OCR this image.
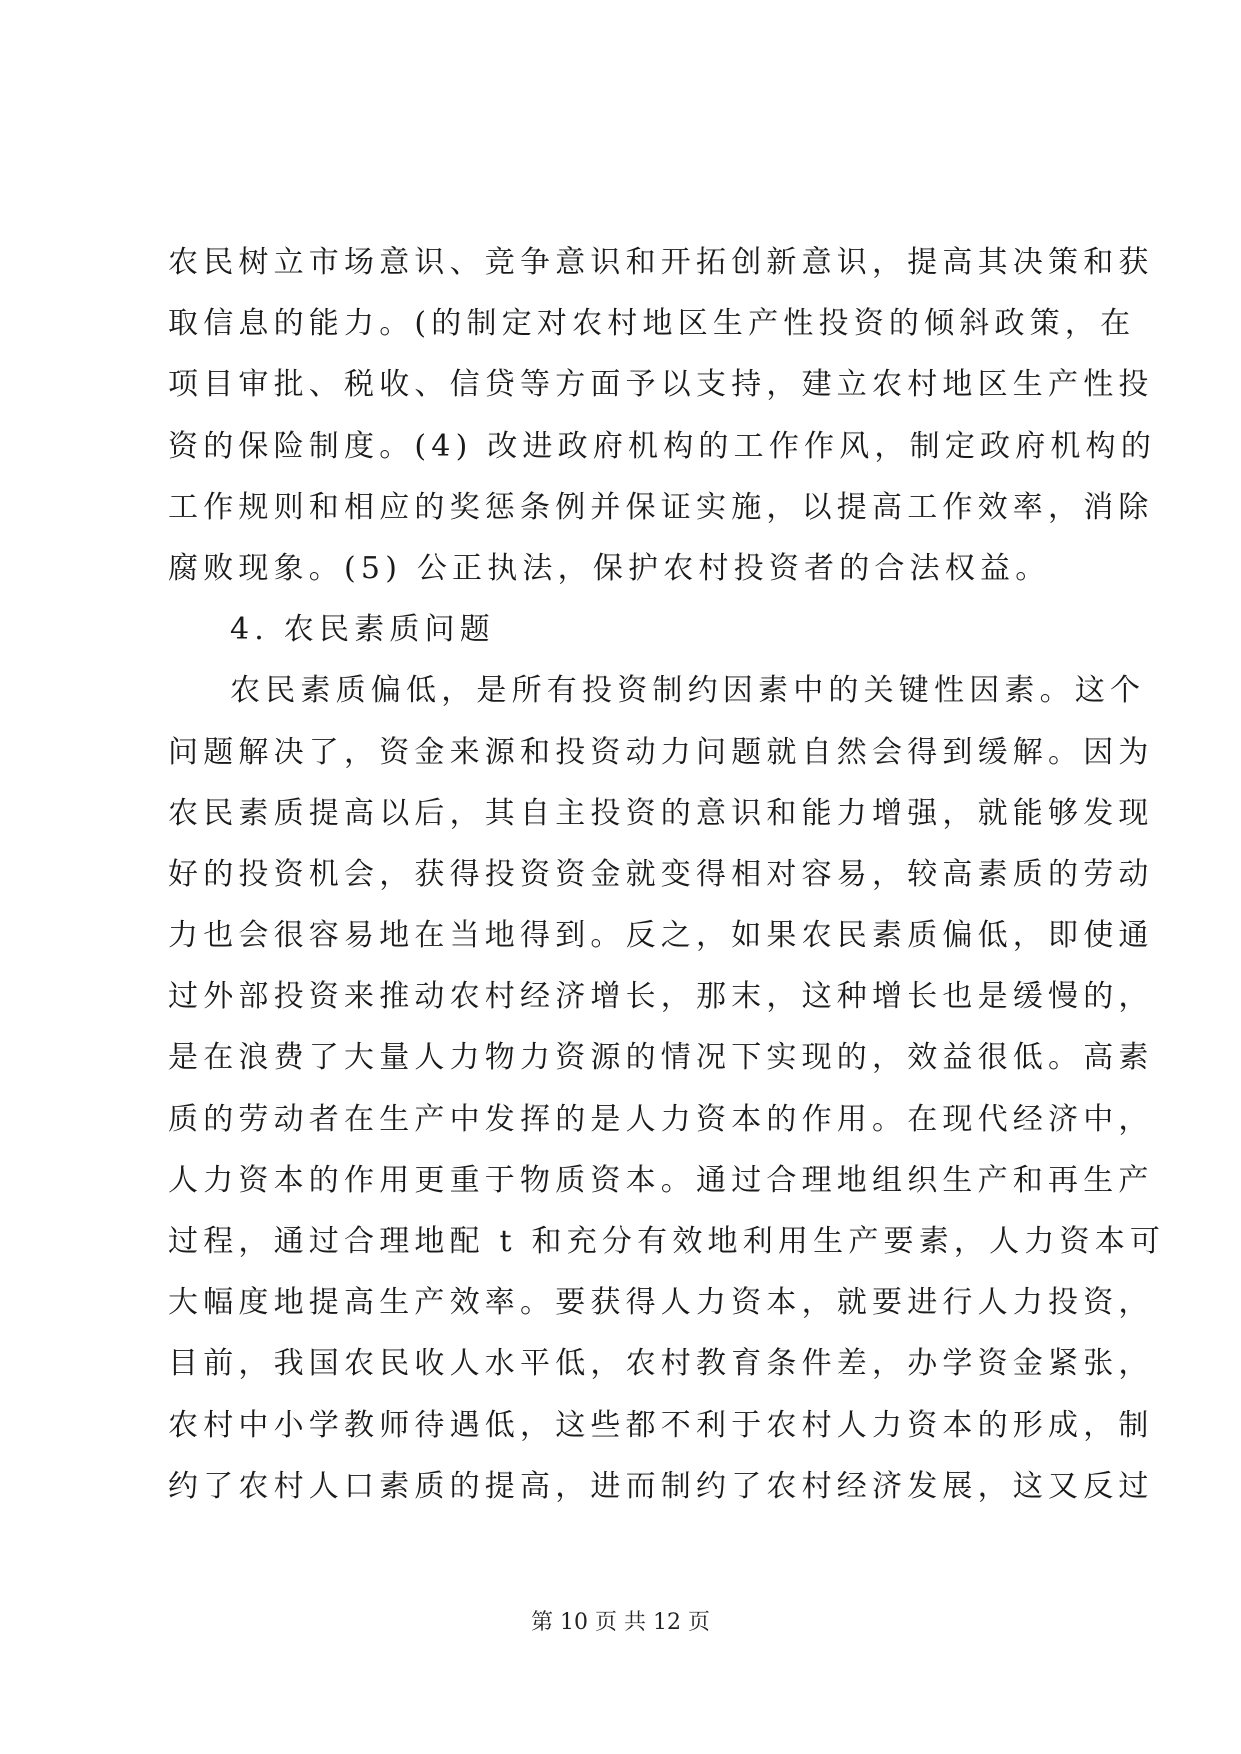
农民树立市场意识、竞争意识和开拓创新意识，提高其决策和获
取信息的能力。(的制定对农村地区生产性投资的倾斜政策，在
项目审批、税收、信贷等方面予以支持，建立农村地区生产性投
资的保险制度。(4) 改进政府机构的工作作风，制定政府机构的
工作规则和相应的奖惩条例并保证实施，以提高工作效率，消除
腐败现象。(5) 公正执法，保护农村投资者的合法权益。
4. 农民素质问题
农民素质偏低，是所有投资制约因素中的关键性因素。这个
问题解决了，资金来源和投资动力问题就自然会得到缓解。因为
农民素质提高以后，其自主投资的意识和能力增强，就能够发现
好的投资机会，获得投资资金就变得相对容易，较高素质的劳动
力也会很容易地在当地得到。反之，如果农民素质偏低，即使通
过外部投资来推动农村经济增长，那末，这种增长也是缓慢的，
是在浪费了大量人力物力资源的情况下实现的，效益很低。高素
质的劳动者在生产中发挥的是人力资本的作用。在现代经济中，
人力资本的作用更重于物质资本。通过合理地组织生产和再生产
过程，通过合理地配 t 和充分有效地利用生产要素，人力资本可
大幅度地提高生产效率。要获得人力资本，就要进行人力投资，
目前，我国农民收人水平低，农村教育条件差，办学资金紧张，
农村中小学教师待遇低，这些都不利于农村人力资本的形成，制
约了农村人口素质的提高，进而制约了农村经济发展，这又反过
第 10 页 共 12 页
